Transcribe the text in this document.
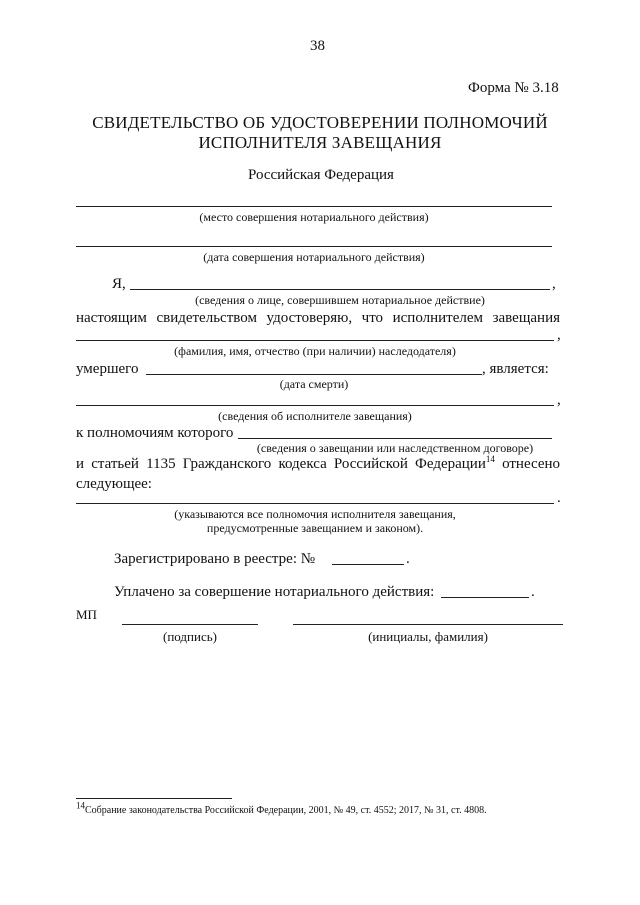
38
Форма № 3.18
СВИДЕТЕЛЬСТВО ОБ УДОСТОВЕРЕНИИ ПОЛНОМОЧИЙ
ИСПОЛНИТЕЛЯ ЗАВЕЩАНИЯ
Российская Федерация
(место совершения нотариального действия)
(дата совершения нотариального действия)
Я,	,
(сведения о лице, совершившем нотариальное действие)
настоящим свидетельством удостоверяю, что исполнителем завещания
,
(фамилия, имя, отчество (при наличии) наследодателя)
умершего	, является:
(дата смерти)
,
(сведения об исполнителе завещания)
к полномочиям которого
(сведения о завещании или наследственном договоре)
и статьей 1135 Гражданского кодекса Российской Федерации$^{14}$ отнесено
следующее:
.
(указываются все полномочия исполнителя завещания,
предусмотренные завещанием и законом).
Зарегистрировано в реестре: №	.
Уплачено за совершение нотариального действия:	.
МП
(подпись)	(инициалы, фамилия)
$^{14}$Собрание законодательства Российской Федерации, 2001, № 49, ст. 4552; 2017, № 31, ст. 4808.
